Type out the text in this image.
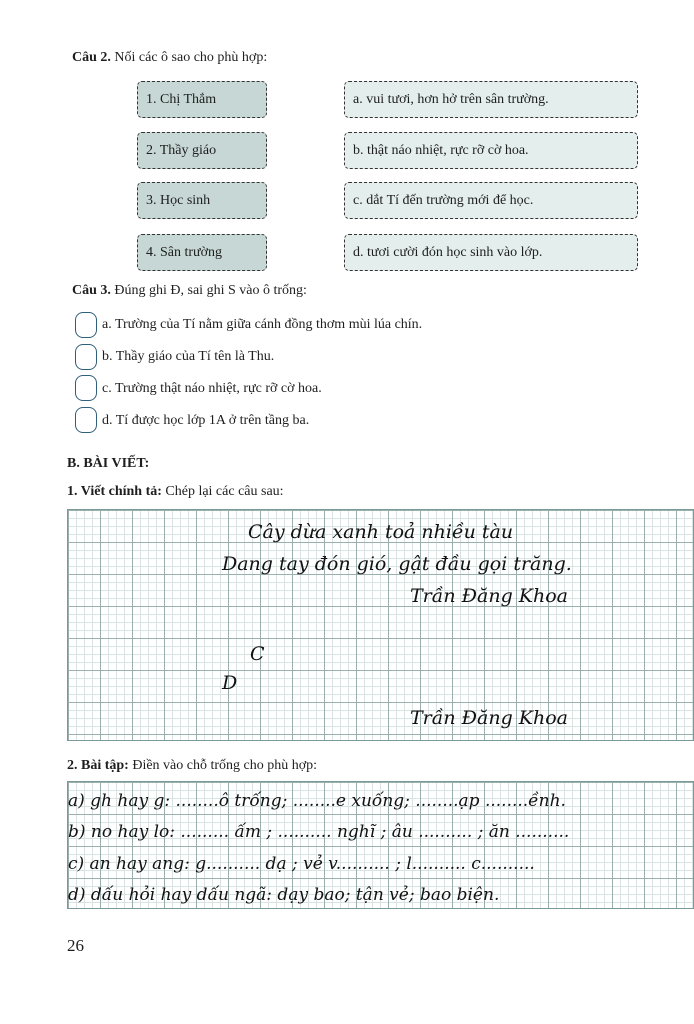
Câu 2. Nối các ô sao cho phù hợp:
1. Chị Thắm
2. Thầy giáo
3. Học sinh
4. Sân trường
a. vui tươi, hơn hở trên sân trường.
b. thật náo nhiệt, rực rỡ cờ hoa.
c. dắt Tí đến trường mới để học.
d. tươi cười đón học sinh vào lớp.
Câu 3. Đúng ghi Đ, sai ghi S vào ô trống:
a. Trường của Tí nằm giữa cánh đồng thơm mùi lúa chín.
b. Thầy giáo của Tí tên là Thu.
c. Trường thật náo nhiệt, rực rỡ cờ hoa.
d. Tí được học lớp 1A ở trên tầng ba.
B. BÀI VIẾT:
1. Viết chính tả: Chép lại các câu sau:
Cây dừa xanh toả nhiều tàu
Dang tay đón gió, gật đầu gọi trăng.
Trần Đăng Khoa
C
D
Trần Đăng Khoa
2. Bài tập: Điền vào chỗ trống cho phù hợp:
a) gh hay g: ........ô trống; ........e xuống; ........ạp ........ềnh.
b) no hay lo: ......... ấm ; .......... nghĩ ; âu .......... ; ăn ..........
c) an hay ang: g.......... dạ ; vẻ v.......... ; l.......... c..........
d) dấu hỏi hay dấu ngã: dạy bao; tận vẻ; bao biện.
26
